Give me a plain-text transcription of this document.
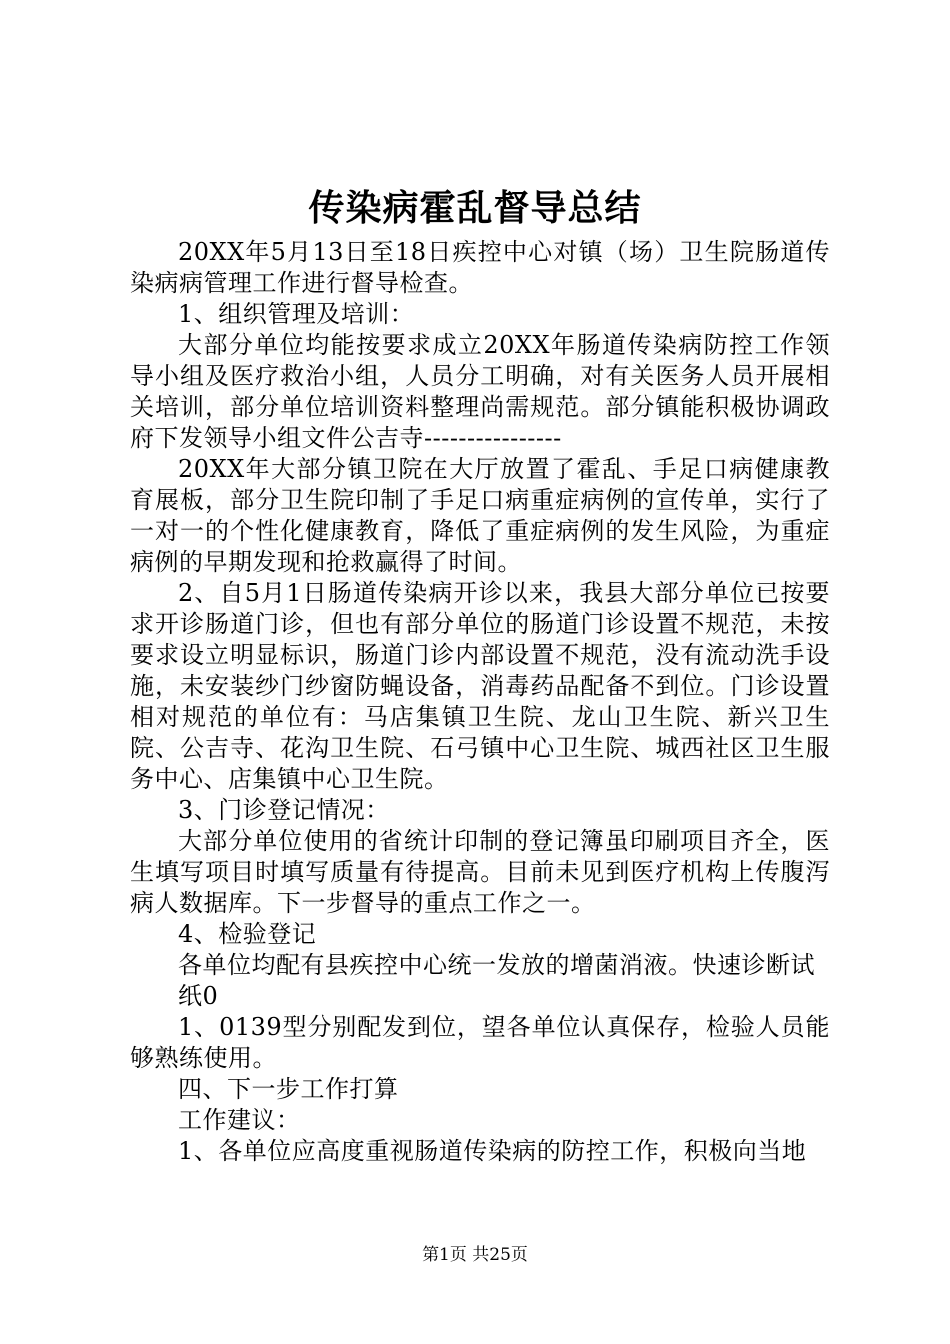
传染病霍乱督导总结

20XX年5月13日至18日疾控中心对镇（场）卫生院肠道传染病病管理工作进行督导检查。

1、组织管理及培训：

大部分单位均能按要求成立20XX年肠道传染病防控工作领导小组及医疗救治小组，人员分工明确，对有关医务人员开展相关培训，部分单位培训资料整理尚需规范。部分镇能积极协调政府下发领导小组文件公吉寺----------------

20XX年大部分镇卫院在大厅放置了霍乱、手足口病健康教育展板，部分卫生院印制了手足口病重症病例的宣传单，实行了一对一的个性化健康教育，降低了重症病例的发生风险，为重症病例的早期发现和抢救赢得了时间。

2、自5月1日肠道传染病开诊以来，我县大部分单位已按要求开诊肠道门诊，但也有部分单位的肠道门诊设置不规范，未按要求设立明显标识，肠道门诊内部设置不规范，没有流动洗手设施，未安装纱门纱窗防蝇设备，消毒药品配备不到位。门诊设置相对规范的单位有：马店集镇卫生院、龙山卫生院、新兴卫生院、公吉寺、花沟卫生院、石弓镇中心卫生院、城西社区卫生服务中心、店集镇中心卫生院。

3、门诊登记情况：

大部分单位使用的省统计印制的登记簿虽印刷项目齐全，医生填写项目时填写质量有待提高。目前未见到医疗机构上传腹泻病人数据库。下一步督导的重点工作之一。

4、检验登记

各单位均配有县疾控中心统一发放的增菌消液。快速诊断试

纸0

1、0139型分别配发到位，望各单位认真保存，检验人员能够熟练使用。

四、下一步工作打算

工作建议：

1、各单位应高度重视肠道传染病的防控工作，积极向当地

第1页 共25页
